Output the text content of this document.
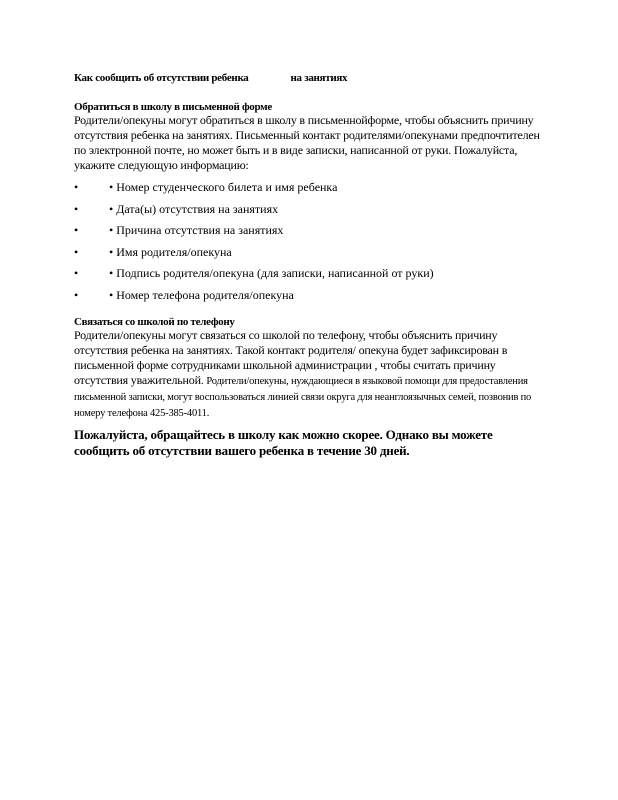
Как сообщить об отсутствии ребенка	на занятиях
Обратиться в школу в письменной форме
Родители/опекуны могут обратиться в школу в письменнойформе, чтобы объяснить причину отсутствия ребенка на занятиях. Письменный контакт родителями/опекунами предпочтителен по электронной почте, но может быть и в виде записки, написанной от руки. Пожалуйста, укажите следующую информацию:
•	• Номер студенческого билета и имя ребенка
•	• Дата(ы) отсутствия на занятиях
•	• Причина отсутствия на занятиях
•	• Имя родителя/опекуна
•	• Подпись родителя/опекуна (для записки, написанной от руки)
•	• Номер телефона родителя/опекуна
Связаться со школой по телефону
Родители/опекуны могут связаться со школой по телефону, чтобы объяснить причину отсутствия ребенка на занятиях. Такой контакт родителя/ опекуна будет зафиксирован в письменной форме сотрудниками школьной администрации , чтобы считать причину отсутствия уважительной. Родители/опекуны, нуждающиеся в языковой помощи для предоставления письменной записки, могут воспользоваться линией связи округа для неанглоязычных семей, позвонив по номеру телефона 425-385-4011.
Пожалуйста, обращайтесь в школу как можно скорее. Однако вы можете сообщить об отсутствии вашего ребенка в течение 30 дней.
